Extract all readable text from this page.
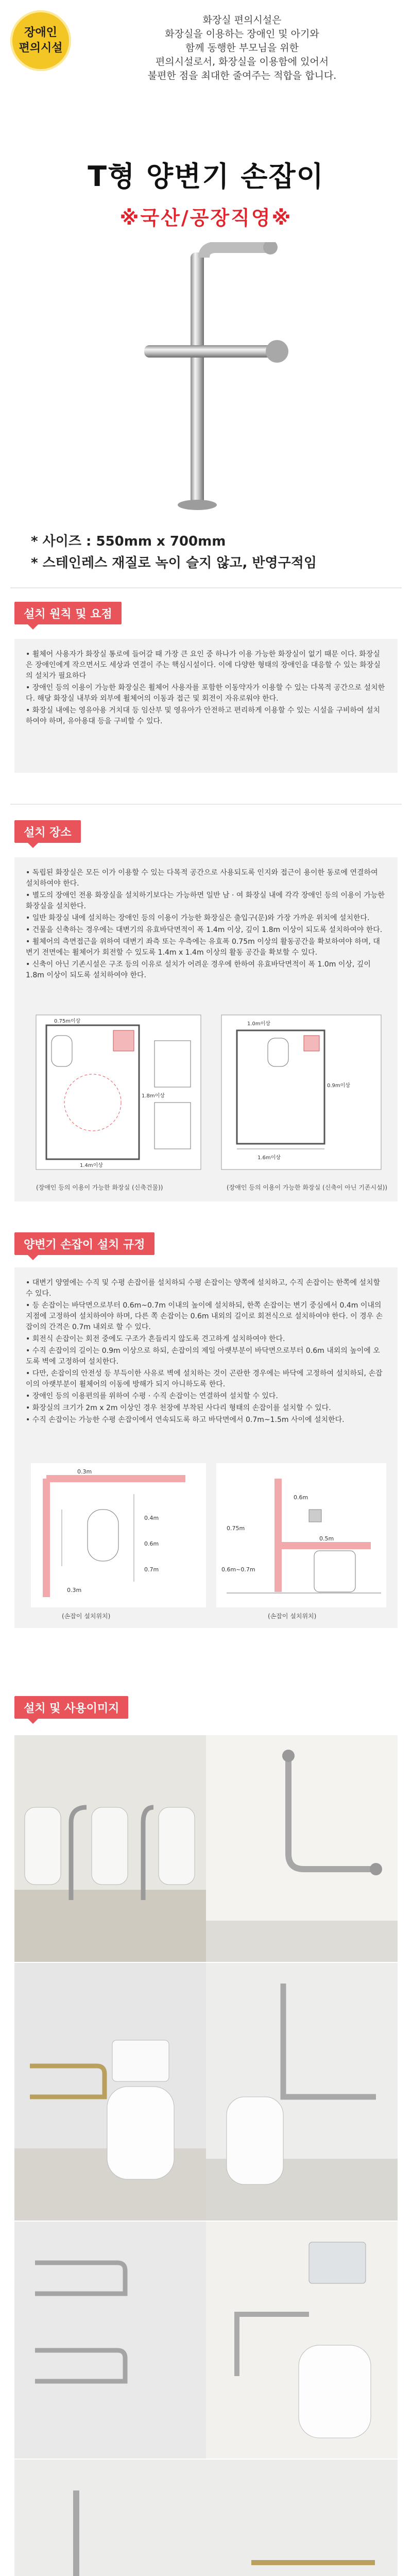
장애인
편의시설
화장실 편의시설은
화장실을 이용하는 장애인 및 아기와
함께 동행한 부모님을 위한
편의시설로서, 화장실을 이용함에 있어서
불편한 점을 최대한 줄여주는 적합을 합니다.
T형 양변기 손잡이
※국산/공장직영※
* 사이즈 : 550mm x 700mm
* 스테인레스 재질로 녹이 슬지 않고, 반영구적임
설치 원칙 및 요점

• 휠체어 사용자가 화장실 통로에 들어갈 때 가장 큰 요인 중 하나가 이용 가능한 화장실이 없기 때문 이다. 화장실은 장애인에게 작으면서도 세상과 연결이 주는 핵심시설이다. 이에 다양한 형태의 장애인을 대응할 수 있는 화장실의 설치가 필요하다

• 장애인 등의 이용이 가능한 화장실은 휠체어 사용자를 포함한 이동약자가 이용할 수 있는 다목적 공간으로 설치한다. 해당 화장실 내부와 외부에 휠체어의 이동과 접근 및 회전이 자유로워야 한다.

• 화장실 내에는 영유아용 거치대 등 임산부 및 영유아가 안전하고 편리하게 이용할 수 있는 시설을 구비하여 설치하여야 하며, 유아용대 등을 구비할 수 있다.

설치 장소

• 독립된 화장실은 모든 이가 이용할 수 있는 다목적 공간으로 사용되도록 인지와 접근이 용이한 동로에 연결하여 설치하여야 한다.

• 별도의 장애인 전용 화장실을 설치하기보다는 가능하면 일반 남 · 여 화장실 내에 각각 장애인 등의 이용이 가능한 화장실을 설치한다.

• 일반 화장실 내에 설치하는 장애인 등의 이용이 가능한 화장실은 출입구(문)와 가장 가까운 위치에 설치한다.

• 건물을 신축하는 경우에는 대변기의 유효바닥면적이 폭 1.4m 이상, 깊이 1.8m 이상이 되도록 설치하여야 한다.

• 휠체어의 측면접근을 위하여 대변기 좌측 또는 우측에는 유효폭 0.75m 이상의 활동공간을 확보하여야 하며, 대변기 전면에는 휠체어가 회전할 수 있도록 1.4m x 1.4m 이상의 활동 공간을 확보할 수 있다.

• 신축이 아닌 기존시설은 구조 등의 이유로 설치가 어려운 경우에 한하여 유효바닥면적이 폭 1.0m 이상, 깊이 1.8m 이상이 되도록 설치하여야 한다.

0.75m이상
1.4m이상
1.8m이상
1.0m이상
0.9m이상
1.6m이상
(장애인 등의 이용이 가능한 화장실 (신축건물))	(장애인 등의 이용이 가능한 화장실 (신축이 아닌 기존시설))
양변기 손잡이 설치 규정

• 대변기 양옆에는 수직 및 수평 손잡이를 설치하되 수평 손잡이는 양쪽에 설치하고, 수직 손잡이는 한쪽에 설치할 수 있다.

• 등 손잡이는 바닥면으로부터 0.6m~0.7m 이내의 높이에 설치하되, 한쪽 손잡이는 변기 중심에서 0.4m 이내의 지점에 고정하여 설치하여야 하며, 다른 쪽 손잡이는 0.6m 내외의 길이로 회전식으로 설치하여야 한다. 이 경우 손잡이의 간격은 0.7m 내외로 할 수 있다.

• 회전식 손잡이는 회전 중에도 구조가 흔들리지 않도록 견고하게 설치하여야 한다.

• 수직 손잡이의 길이는 0.9m 이상으로 하되, 손잡이의 제일 아랫부분이 바닥면으로부터 0.6m 내외의 높이에 오도록 벽에 고정하여 설치한다.

• 다만, 손잡이의 안전성 등 부득이한 사유로 벽에 설치하는 것이 곤란한 경우에는 바닥에 고정하여 설치하되, 손잡이의 아랫부분이 휠체어의 이동에 방해가 되지 아니하도록 한다.

• 장애인 등의 이용편의를 위하여 수평 · 수직 손잡이는 연결하여 설치할 수 있다.

• 화장실의 크기가 2m x 2m 이상인 경우 천장에 부착된 사다리 형태의 손잡이를 설치할 수 있다.

• 수직 손잡이는 가능한 수평 손잡이에서 연속되도록 하고 바닥면에서 0.7m~1.5m 사이에 설치한다.

0.3m
0.4m
0.6m
0.7m
0.3m
0.6m
0.75m
0.5m
0.6m~0.7m
(손잡이 설치위치)	(손잡이 설치위치)
설치 및 사용이미지
